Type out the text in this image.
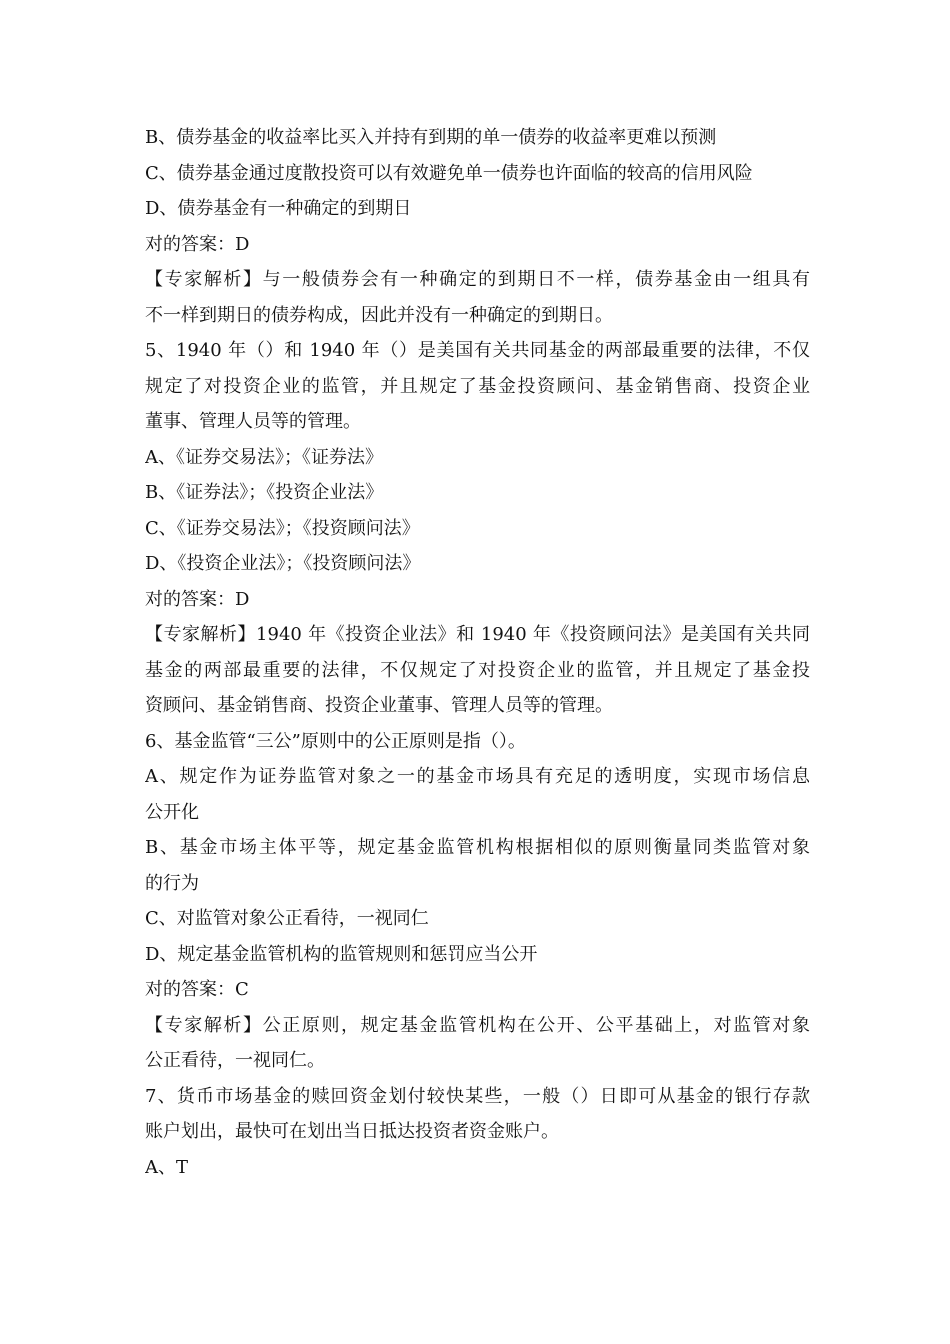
B、债券基金的收益率比买入并持有到期的单一债券的收益率更难以预测
C、债券基金通过度散投资可以有效避免单一债券也许面临的较高的信用风险
D、债券基金有一种确定的到期日
对的答案：D
【专家解析】与一般债券会有一种确定的到期日不一样，债券基金由一组具有
不一样到期日的债券构成，因此并没有一种确定的到期日。
5、1940 年（）和 1940 年（）是美国有关共同基金的两部最重要的法律，不仅
规定了对投资企业的监管，并且规定了基金投资顾问、基金销售商、投资企业
董事、管理人员等的管理。
A、《证券交易法》；《证券法》
B、《证券法》；《投资企业法》
C、《证券交易法》；《投资顾问法》
D、《投资企业法》；《投资顾问法》
对的答案：D
【专家解析】1940 年《投资企业法》和 1940 年《投资顾问法》是美国有关共同
基金的两部最重要的法律，不仅规定了对投资企业的监管，并且规定了基金投
资顾问、基金销售商、投资企业董事、管理人员等的管理。
6、基金监管“三公”原则中的公正原则是指（）。
A、规定作为证券监管对象之一的基金市场具有充足的透明度，实现市场信息
公开化
B、基金市场主体平等，规定基金监管机构根据相似的原则衡量同类监管对象
的行为
C、对监管对象公正看待，一视同仁
D、规定基金监管机构的监管规则和惩罚应当公开
对的答案：C
【专家解析】公正原则，规定基金监管机构在公开、公平基础上，对监管对象
公正看待，一视同仁。
7、货币市场基金的赎回资金划付较快某些，一般（）日即可从基金的银行存款
账户划出，最快可在划出当日抵达投资者资金账户。
A、T
